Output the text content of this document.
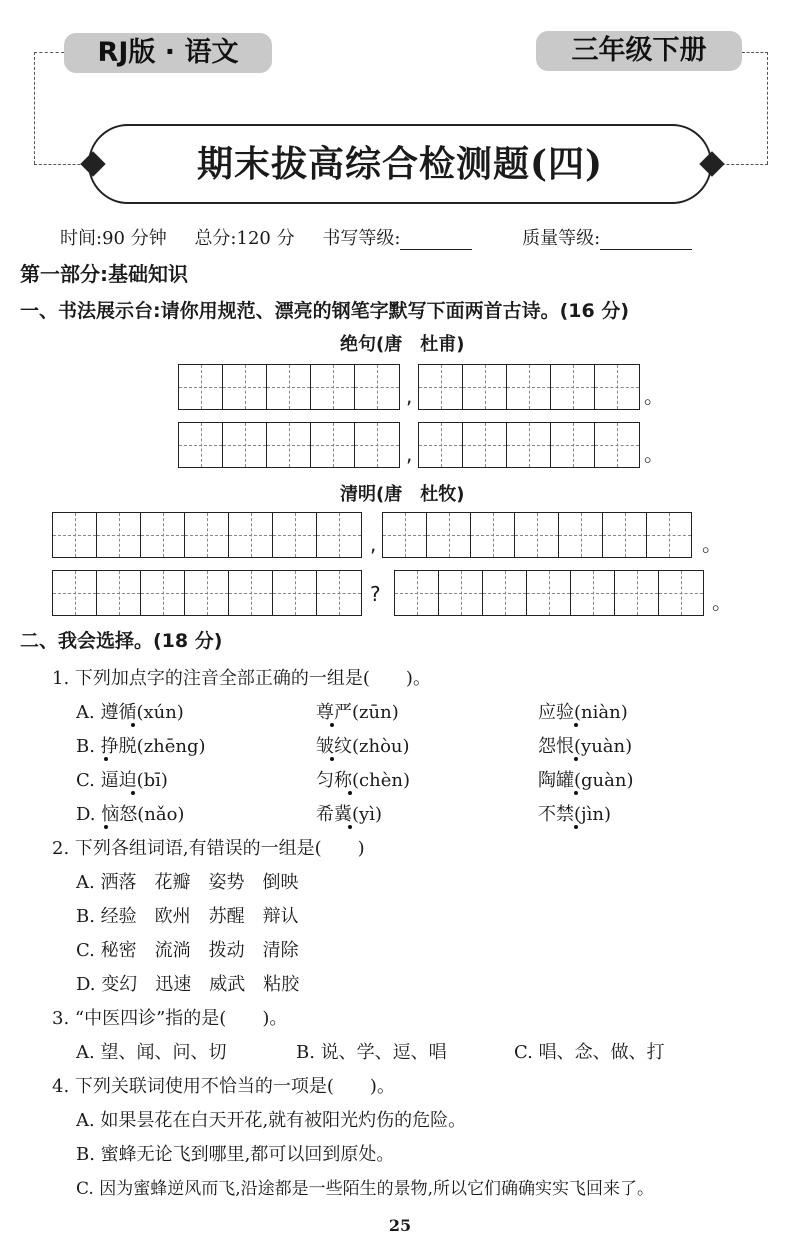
RJ版 · 语文	三年级下册
期末拔高综合检测题(四)
时间:90 分钟 总分:120 分 书写等级:	质量等级:
第一部分:基础知识
一、书法展示台:请你用规范、漂亮的钢笔字默写下面两首古诗。(16 分)
绝句(唐　杜甫)
,	。
,	。
清明(唐　杜牧)
,	。
?	。
二、我会选择。(18 分)
1. 下列加点字的注音全部正确的一组是(　　)。
A. 遵循(xún)	尊严(zūn)	应验(niàn)
B. 挣脱(zhēng)	皱纹(zhòu)	怨恨(yuàn)
C. 逼迫(bī)	匀称(chèn)	陶罐(guàn)
D. 恼怒(nǎo)	希冀(yì)	不禁(jìn)
2. 下列各组词语,有错误的一组是(　　)
A. 洒落　花瓣　姿势　倒映
B. 经验　欧州　苏醒　辩认
C. 秘密　流淌　拨动　清除
D. 变幻　迅速　威武　粘胶
3. “中医四诊”指的是(　　)。
A. 望、闻、问、切	B. 说、学、逗、唱	C. 唱、念、做、打
4. 下列关联词使用不恰当的一项是(　　)。
A. 如果昙花在白天开花,就有被阳光灼伤的危险。
B. 蜜蜂无论飞到哪里,都可以回到原处。
C. 因为蜜蜂逆风而飞,沿途都是一些陌生的景物,所以它们确确实实飞回来了。
25
